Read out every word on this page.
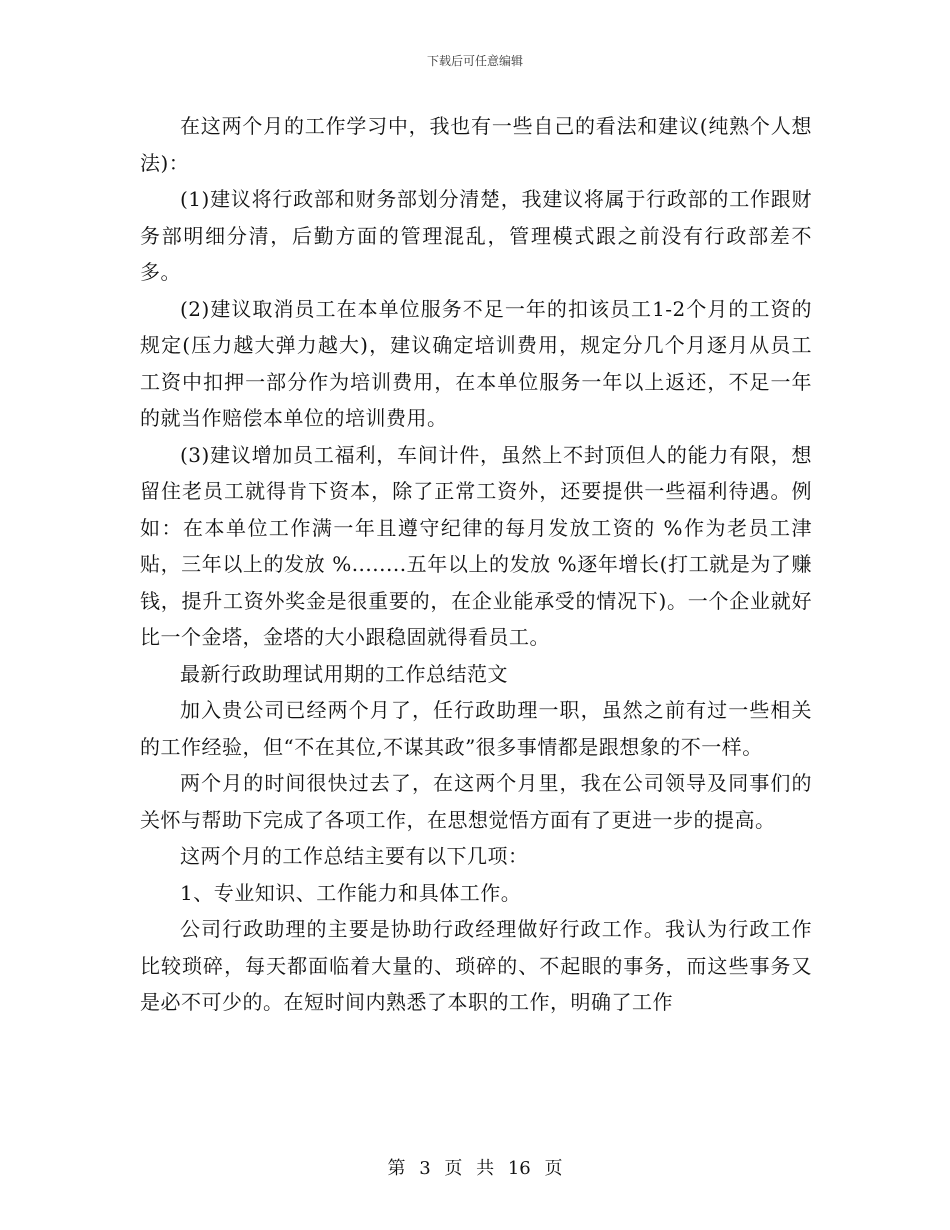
下载后可任意编辑

在这两个月的工作学习中，我也有一些自己的看法和建议(纯熟个人想法)：

(1)建议将行政部和财务部划分清楚，我建议将属于行政部的工作跟财务部明细分清，后勤方面的管理混乱，管理模式跟之前没有行政部差不多。

(2)建议取消员工在本单位服务不足一年的扣该员工1-2个月的工资的规定(压力越大弹力越大)，建议确定培训费用，规定分几个月逐月从员工工资中扣押一部分作为培训费用，在本单位服务一年以上返还，不足一年的就当作赔偿本单位的培训费用。

(3)建议增加员工福利，车间计件，虽然上不封顶但人的能力有限，想留住老员工就得肯下资本，除了正常工资外，还要提供一些福利待遇。例如：在本单位工作满一年且遵守纪律的每月发放工资的 %作为老员工津贴，三年以上的发放 %........五年以上的发放 %逐年增长(打工就是为了赚钱，提升工资外奖金是很重要的，在企业能承受的情况下)。一个企业就好比一个金塔，金塔的大小跟稳固就得看员工。

最新行政助理试用期的工作总结范文

加入贵公司已经两个月了，任行政助理一职，虽然之前有过一些相关的工作经验，但“不在其位,不谋其政”很多事情都是跟想象的不一样。

两个月的时间很快过去了，在这两个月里，我在公司领导及同事们的关怀与帮助下完成了各项工作，在思想觉悟方面有了更进一步的提高。

这两个月的工作总结主要有以下几项：

1、专业知识、工作能力和具体工作。

公司行政助理的主要是协助行政经理做好行政工作。我认为行政工作比较琐碎，每天都面临着大量的、琐碎的、不起眼的事务，而这些事务又是必不可少的。在短时间内熟悉了本职的工作，明确了工作

第 3 页 共 16 页
